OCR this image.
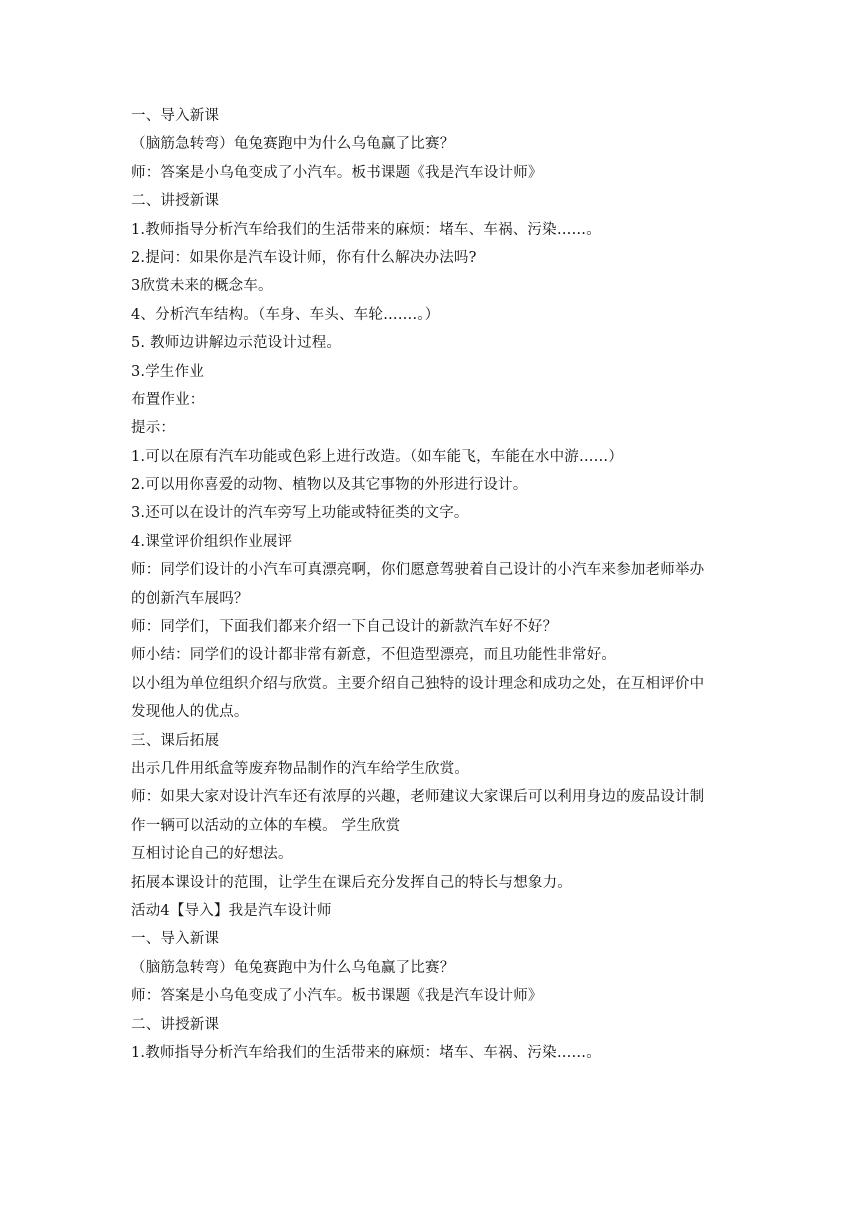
一、导入新课
（脑筋急转弯）龟兔赛跑中为什么乌龟赢了比赛？
师：答案是小乌龟变成了小汽车。板书课题《我是汽车设计师》
二、讲授新课
1.教师指导分析汽车给我们的生活带来的麻烦：堵车、车祸、污染……。
2.提问：如果你是汽车设计师，你有什么解决办法吗?
3欣赏未来的概念车。
4、分析汽车结构。（车身、车头、车轮…….。）
5. 教师边讲解边示范设计过程。
3.学生作业
布置作业：
提示：
1.可以在原有汽车功能或色彩上进行改造。（如车能飞，车能在水中游……）
2.可以用你喜爱的动物、植物以及其它事物的外形进行设计。
3.还可以在设计的汽车旁写上功能或特征类的文字。
4.课堂评价组织作业展评
师：同学们设计的小汽车可真漂亮啊，你们愿意驾驶着自己设计的小汽车来参加老师举办
的创新汽车展吗？
师：同学们，下面我们都来介绍一下自己设计的新款汽车好不好？
师小结：同学们的设计都非常有新意，不但造型漂亮，而且功能性非常好。
以小组为单位组织介绍与欣赏。主要介绍自己独特的设计理念和成功之处，在互相评价中
发现他人的优点。
三、课后拓展
出示几件用纸盒等废弃物品制作的汽车给学生欣赏。
师：如果大家对设计汽车还有浓厚的兴趣，老师建议大家课后可以利用身边的废品设计制
作一辆可以活动的立体的车模。 学生欣赏
互相讨论自己的好想法。
拓展本课设计的范围，让学生在课后充分发挥自己的特长与想象力。
活动4【导入】我是汽车设计师
一、导入新课
（脑筋急转弯）龟兔赛跑中为什么乌龟赢了比赛？
师：答案是小乌龟变成了小汽车。板书课题《我是汽车设计师》
二、讲授新课
1.教师指导分析汽车给我们的生活带来的麻烦：堵车、车祸、污染……。
